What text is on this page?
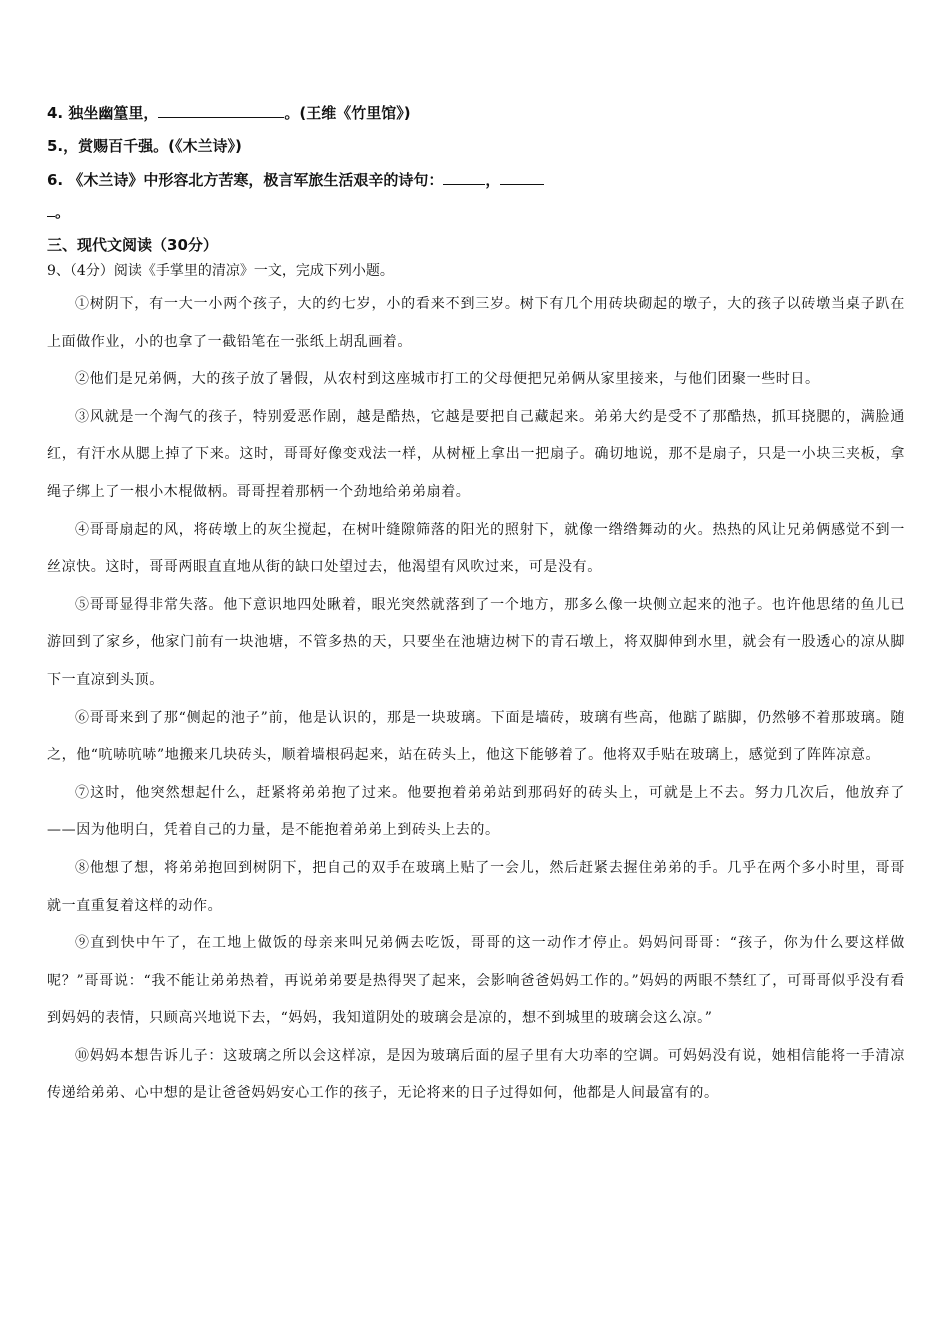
4. 独坐幽篁里，	。(王维《竹里馆》)
5.，赏赐百千强。(《木兰诗》)
6. 《木兰诗》中形容北方苦寒，极言军旅生活艰辛的诗句：	，
。
三、现代文阅读（30分）
9、（4分）阅读《手掌里的清凉》一文，完成下列小题。

①树阴下，有一大一小两个孩子，大的约七岁，小的看来不到三岁。树下有几个用砖块砌起的墩子，大的孩子以砖墩当桌子趴在上面做作业，小的也拿了一截铅笔在一张纸上胡乱画着。

②他们是兄弟俩，大的孩子放了暑假，从农村到这座城市打工的父母便把兄弟俩从家里接来，与他们团聚一些时日。

③风就是一个淘气的孩子，特别爱恶作剧，越是酷热，它越是要把自己藏起来。弟弟大约是受不了那酷热，抓耳挠腮的，满脸通红，有汗水从腮上掉了下来。这时，哥哥好像变戏法一样，从树桠上拿出一把扇子。确切地说，那不是扇子，只是一小块三夹板，拿绳子绑上了一根小木棍做柄。哥哥捏着那柄一个劲地给弟弟扇着。

④哥哥扇起的风，将砖墩上的灰尘搅起，在树叶缝隙筛落的阳光的照射下，就像一绺绺舞动的火。热热的风让兄弟俩感觉不到一丝凉快。这时，哥哥两眼直直地从街的缺口处望过去，他渴望有风吹过来，可是没有。

⑤哥哥显得非常失落。他下意识地四处瞅着，眼光突然就落到了一个地方，那多么像一块侧立起来的池子。也许他思绪的鱼儿已游回到了家乡，他家门前有一块池塘，不管多热的天，只要坐在池塘边树下的青石墩上，将双脚伸到水里，就会有一股透心的凉从脚下一直凉到头顶。

⑥哥哥来到了那“侧起的池子”前，他是认识的，那是一块玻璃。下面是墙砖，玻璃有些高，他踮了踮脚，仍然够不着那玻璃。随之，他“吭哧吭哧”地搬来几块砖头，顺着墙根码起来，站在砖头上，他这下能够着了。他将双手贴在玻璃上，感觉到了阵阵凉意。

⑦这时，他突然想起什么，赶紧将弟弟抱了过来。他要抱着弟弟站到那码好的砖头上，可就是上不去。努力几次后，他放弃了——因为他明白，凭着自己的力量，是不能抱着弟弟上到砖头上去的。

⑧他想了想，将弟弟抱回到树阴下，把自己的双手在玻璃上贴了一会儿，然后赶紧去握住弟弟的手。几乎在两个多小时里，哥哥就一直重复着这样的动作。

⑨直到快中午了，在工地上做饭的母亲来叫兄弟俩去吃饭，哥哥的这一动作才停止。妈妈问哥哥：“孩子，你为什么要这样做呢？”哥哥说：“我不能让弟弟热着，再说弟弟要是热得哭了起来，会影响爸爸妈妈工作的。”妈妈的两眼不禁红了，可哥哥似乎没有看到妈妈的表情，只顾高兴地说下去，“妈妈，我知道阴处的玻璃会是凉的，想不到城里的玻璃会这么凉。”

⑩妈妈本想告诉儿子：这玻璃之所以会这样凉，是因为玻璃后面的屋子里有大功率的空调。可妈妈没有说，她相信能将一手清凉传递给弟弟、心中想的是让爸爸妈妈安心工作的孩子，无论将来的日子过得如何，他都是人间最富有的。
